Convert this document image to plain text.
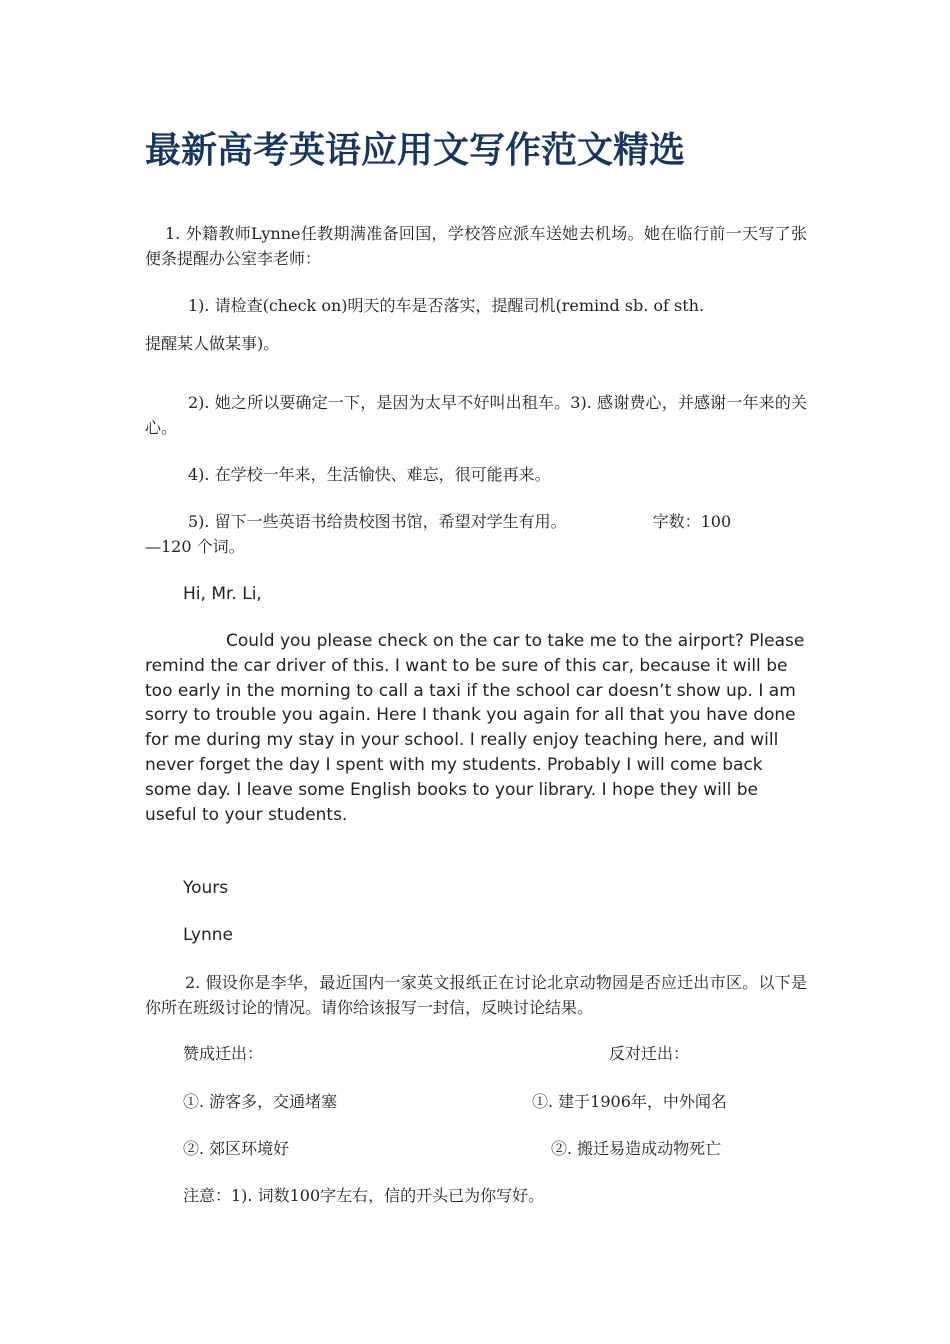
最新高考英语应用文写作范文精选

1. 外籍教师Lynne任教期满准备回国，学校答应派车送她去机场。她在临行前一天写了张便条提醒办公室李老师：

1). 请检查(check on)明天的车是否落实，提醒司机(remind sb. of sth.

提醒某人做某事)。

2). 她之所以要确定一下，是因为太早不好叫出租车。3). 感谢费心，并感谢一年来的关心。

4). 在学校一年来，生活愉快、难忘，很可能再来。

5). 留下一些英语书给贵校图书馆，希望对学生有用。	字数：100

—120 个词。

Hi, Mr. Li,

Could you please check on the car to take me to the airport? Please remind the car driver of this. I want to be sure of this car, because it will be too early in the morning to call a taxi if the school car doesn’t show up. I am sorry to trouble you again. Here I thank you again for all that you have done for me during my stay in your school. I really enjoy teaching here, and will never forget the day I spent with my students. Probably I will come back some day. I leave some English books to your library. I hope they will be useful to your students.

Yours

Lynne

2. 假设你是李华，最近国内一家英文报纸正在讨论北京动物园是否应迁出市区。以下是你所在班级讨论的情况。请你给该报写一封信，反映讨论结果。

赞成迁出：	反对迁出：

①. 游客多，交通堵塞	①. 建于1906年，中外闻名

②. 郊区环境好	②. 搬迁易造成动物死亡

注意：1). 词数100字左右，信的开头已为你写好。
